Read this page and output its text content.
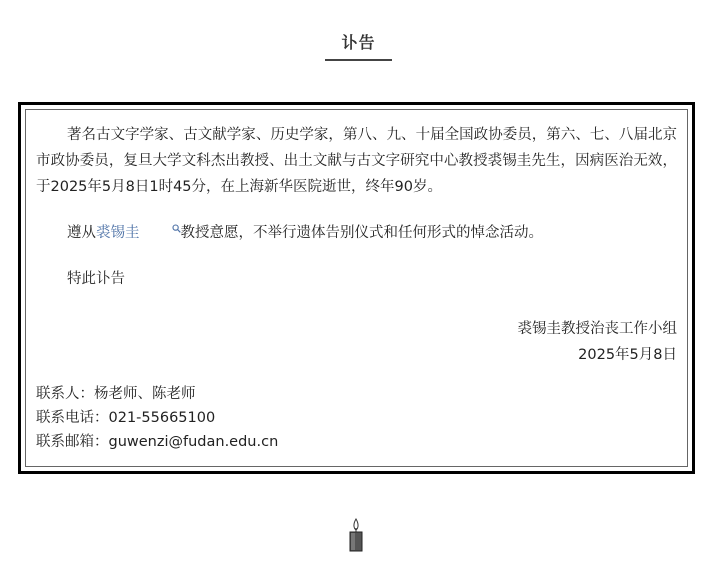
讣告

著名古文字学家、古文献学家、历史学家，第八、九、十届全国政协委员，第六、七、八届北京市政协委员，复旦大学文科杰出教授、出土文献与古文字研究中心教授裘锡圭先生，因病医治无效，于2025年5月8日1时45分，在上海新华医院逝世，终年90岁。

遵从裘锡圭	教授意愿，不举行遗体告别仪式和任何形式的悼念活动。

特此讣告

裘锡圭教授治丧工作小组
2025年5月8日
联系人：杨老师、陈老师
联系电话：021-55665100
联系邮箱：guwenzi@fudan.edu.cn
